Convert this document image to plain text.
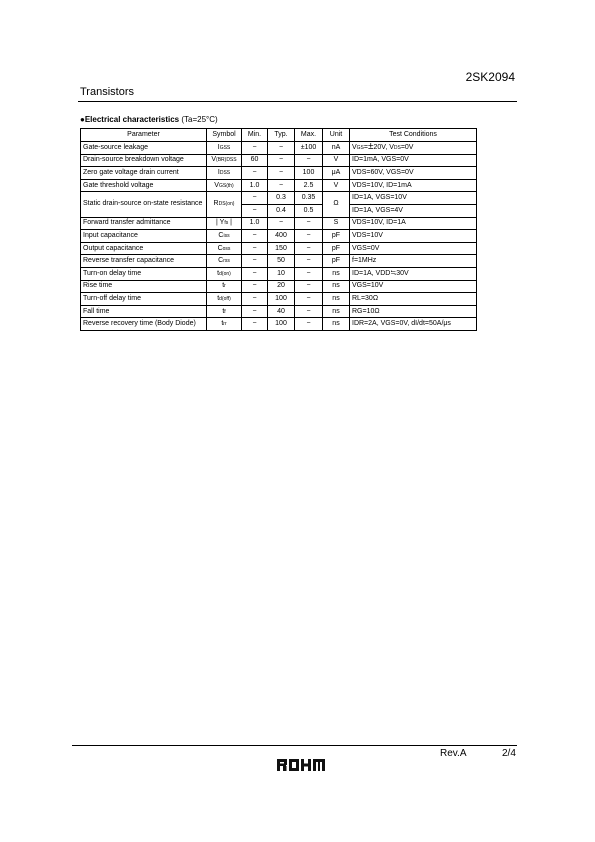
2SK2094
Transistors
●Electrical characteristics (Ta=25°C)
Parameter	Symbol	Min.	Typ.	Max.	Unit	Test Conditions
Gate-source leakage	IGSS	−	−	±100	nA	VGS=±20V, VDS=0V
Drain-source breakdown voltage	V(BR)DSS	60	−	−	V	ID=1mA, VGS=0V
Zero gate voltage drain current	IDSS	−	−	100	μA	VDS=60V, VGS=0V
Gate threshold voltage	VGS(th)	1.0	−	2.5	V	VDS=10V, ID=1mA
Static drain-source on-state resistance	RDS(on)	−	0.3	0.35	Ω	ID=1A, VGS=10V
		−	0.4	0.5		ID=1A, VGS=4V
Forward transfer admittance	| Yfs |	1.0	−	−	S	VDS=10V, ID=1A
Input capacitance	Ciss	−	400	−	pF	VDS=10V
Output capacitance	Coss	−	150	−	pF	VGS=0V
Reverse transfer capacitance	Crss	−	50	−	pF	f=1MHz
Turn-on delay time	td(on)	−	10	−	ns	ID=1A, VDD≒30V
Rise time	tr	−	20	−	ns	VGS=10V
Turn-off delay time	td(off)	−	100	−	ns	RL=30Ω
Fall time	tf	−	40	−	ns	RG=10Ω
Reverse recovery time (Body Diode)	trr	−	100	−	ns	IDR=2A, VGS=0V, dI/dt=50A/μs
Rev.A	2/4
